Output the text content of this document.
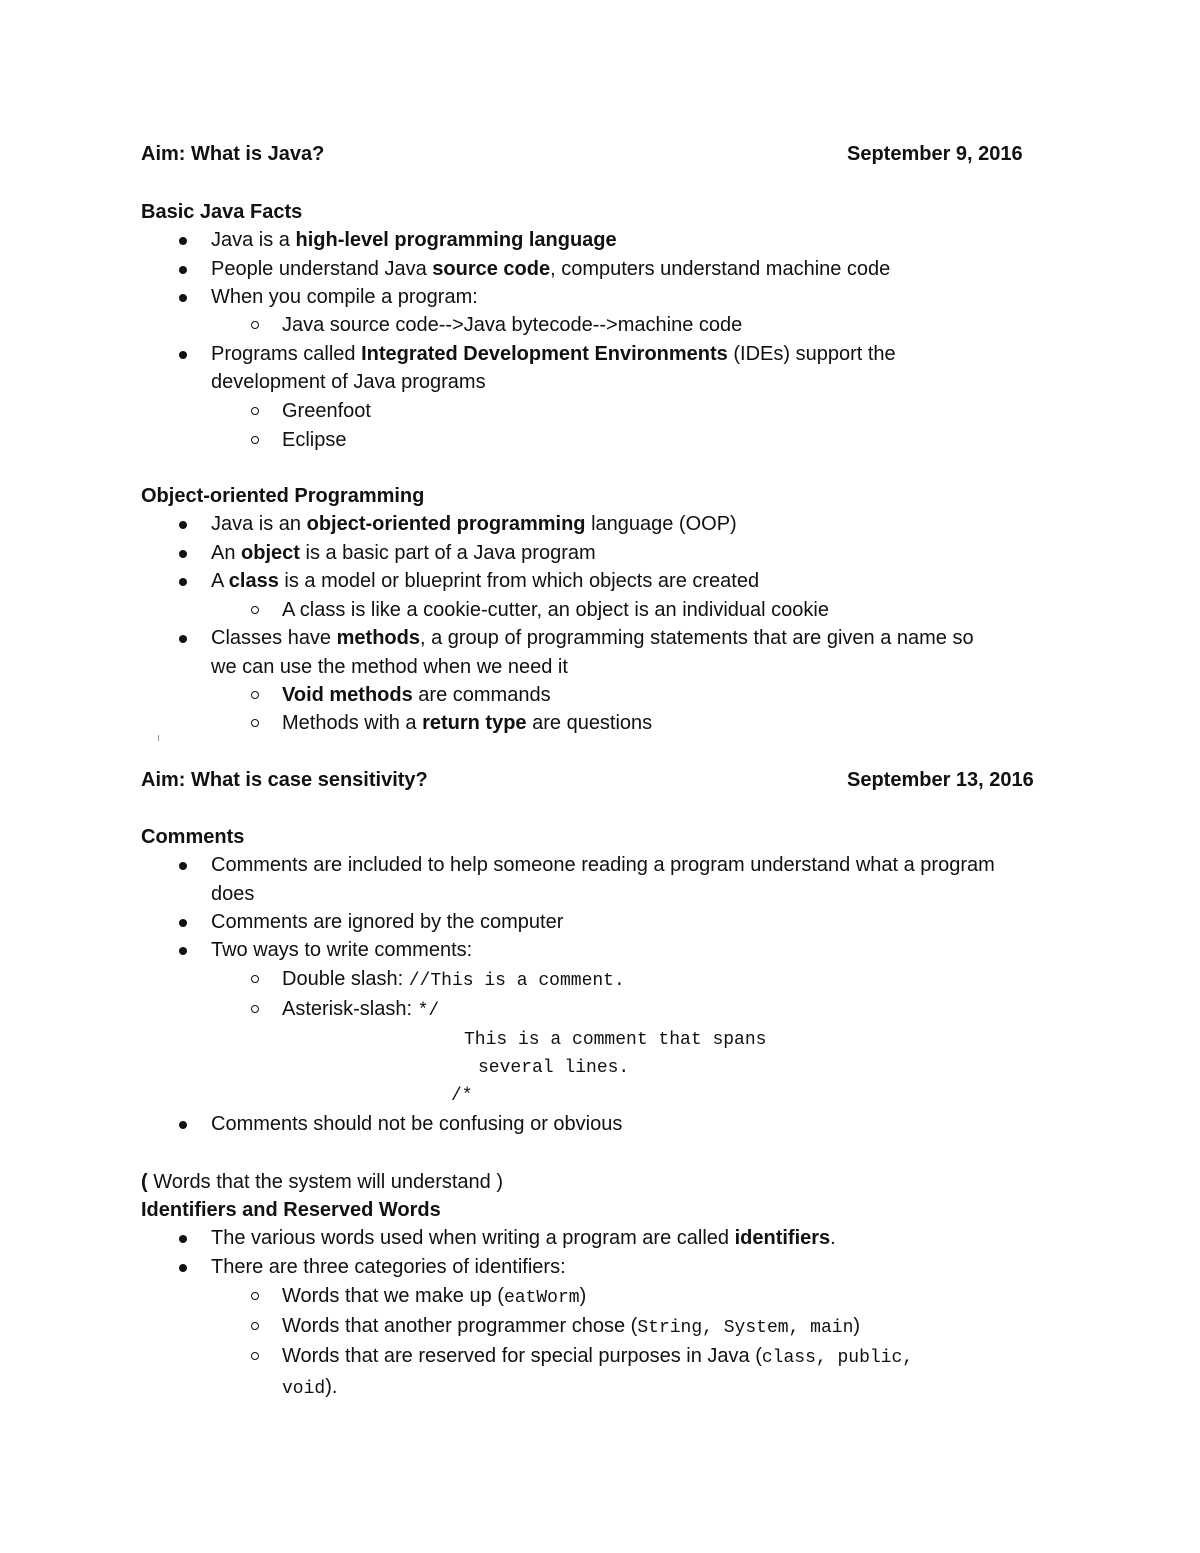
Aim: What is Java?	September 9, 2016
Basic Java Facts
Java is a high-level programming language
People understand Java source code, computers understand machine code
When you compile a program:
Java source code-->Java bytecode-->machine code
Programs called Integrated Development Environments (IDEs) support the
development of Java programs
Greenfoot
Eclipse
Object-oriented Programming
Java is an object-oriented programming language (OOP)
An object is a basic part of a Java program
A class is a model or blueprint from which objects are created
A class is like a cookie-cutter, an object is an individual cookie
Classes have methods, a group of programming statements that are given a name so
we can use the method when we need it
Void methods are commands
Methods with a return type are questions
Aim: What is case sensitivity?	September 13, 2016
Comments
Comments are included to help someone reading a program understand what a program
does
Comments are ignored by the computer
Two ways to write comments:
Double slash: //This is a comment.
Asterisk-slash: */
This is a comment that spans
several lines.
/*
Comments should not be confusing or obvious
( Words that the system will understand )
Identifiers and Reserved Words
The various words used when writing a program are called identifiers.
There are three categories of identifiers:
Words that we make up (eatWorm)
Words that another programmer chose (String, System, main)
Words that are reserved for special purposes in Java (class, public,
void).
